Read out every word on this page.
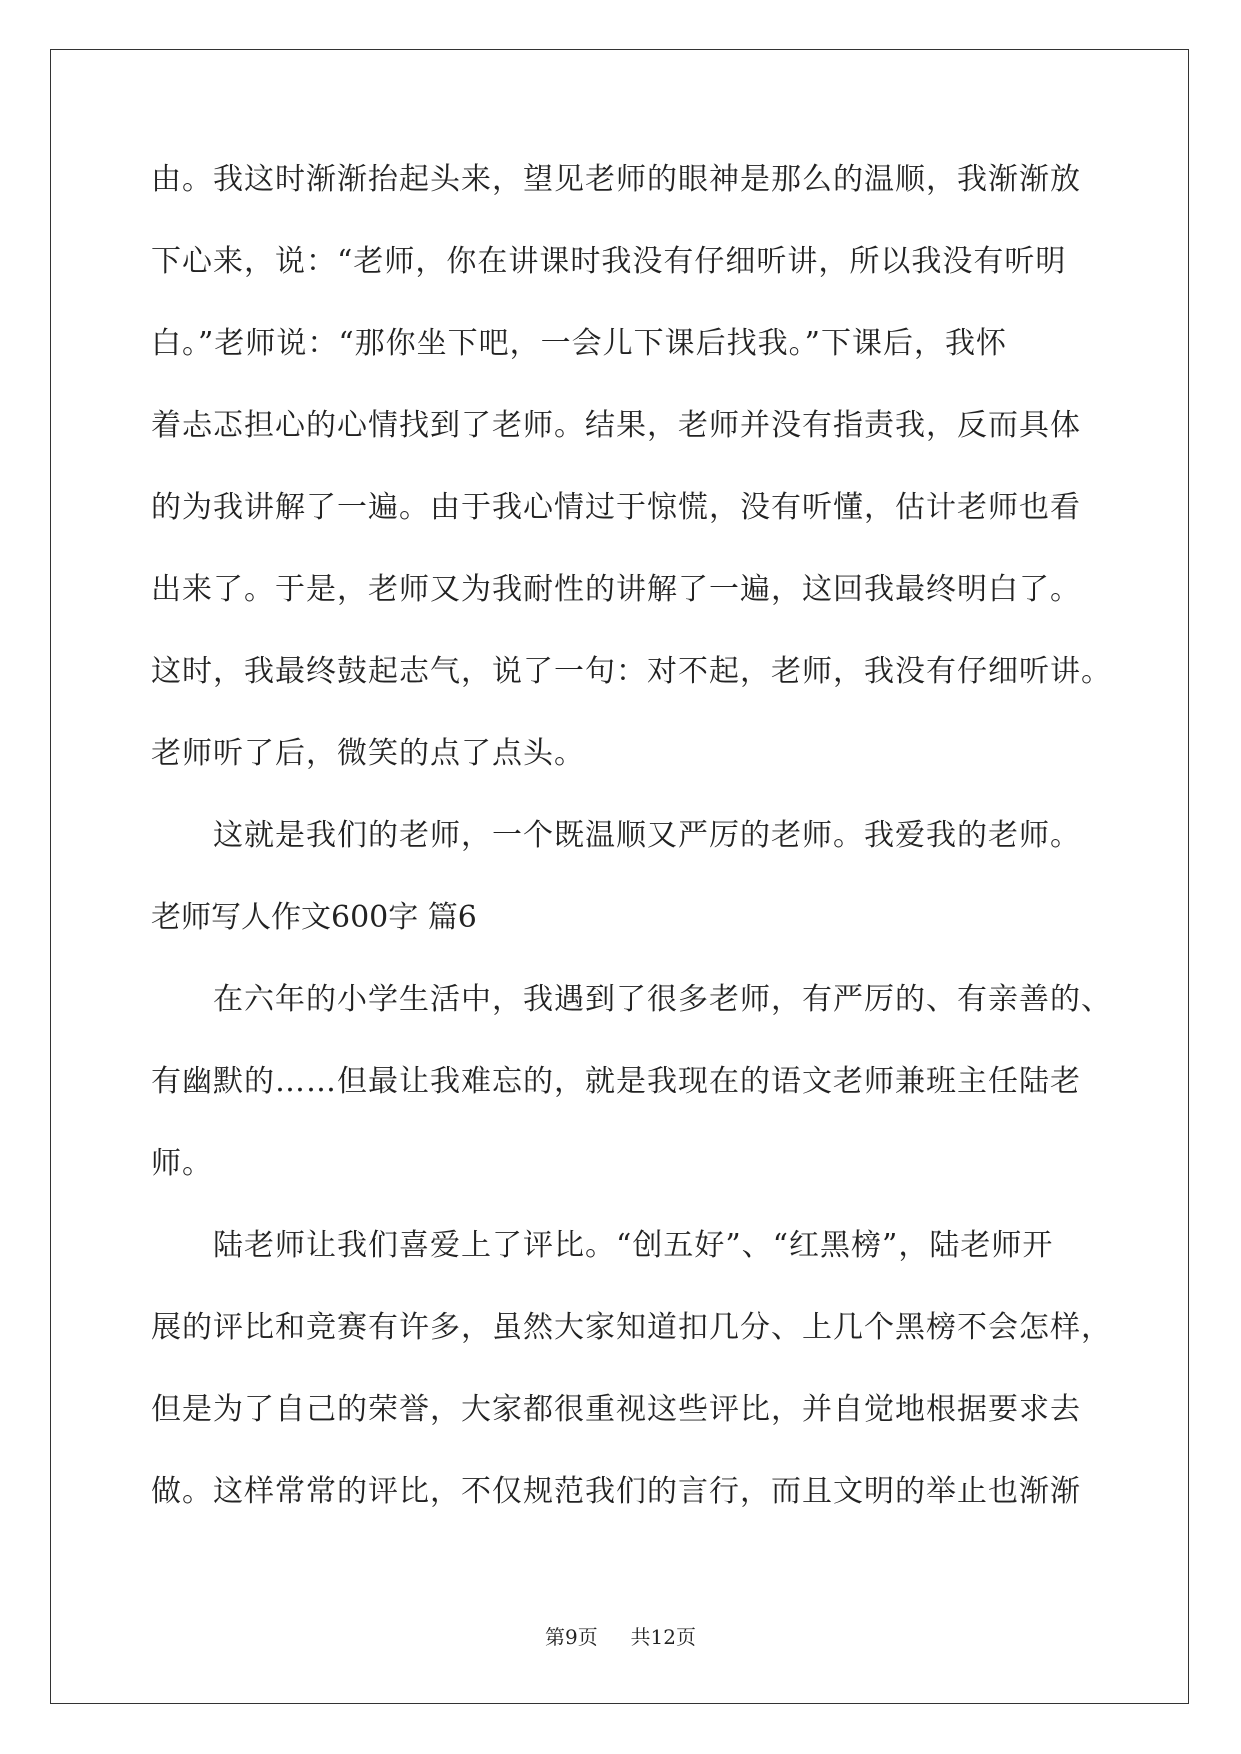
由。我这时渐渐抬起头来，望见老师的眼神是那么的温顺，我渐渐放
下心来，说：“老师，你在讲课时我没有仔细听讲，所以我没有听明
白。”老师说：“那你坐下吧，一会儿下课后找我。”下课后，我怀
着忐忑担心的心情找到了老师。结果，老师并没有指责我，反而具体
的为我讲解了一遍。由于我心情过于惊慌，没有听懂，估计老师也看
出来了。于是，老师又为我耐性的讲解了一遍，这回我最终明白了。
这时，我最终鼓起志气，说了一句：对不起，老师，我没有仔细听讲。
老师听了后，微笑的点了点头。
这就是我们的老师，一个既温顺又严厉的老师。我爱我的老师。
老师写人作文600字 篇6
在六年的小学生活中，我遇到了很多老师，有严厉的、有亲善的、
有幽默的……但最让我难忘的，就是我现在的语文老师兼班主任陆老
师。
陆老师让我们喜爱上了评比。“创五好”、“红黑榜”，陆老师开
展的评比和竞赛有许多，虽然大家知道扣几分、上几个黑榜不会怎样，
但是为了自己的荣誉，大家都很重视这些评比，并自觉地根据要求去
做。这样常常的评比，不仅规范我们的言行，而且文明的举止也渐渐
第9页 共12页
